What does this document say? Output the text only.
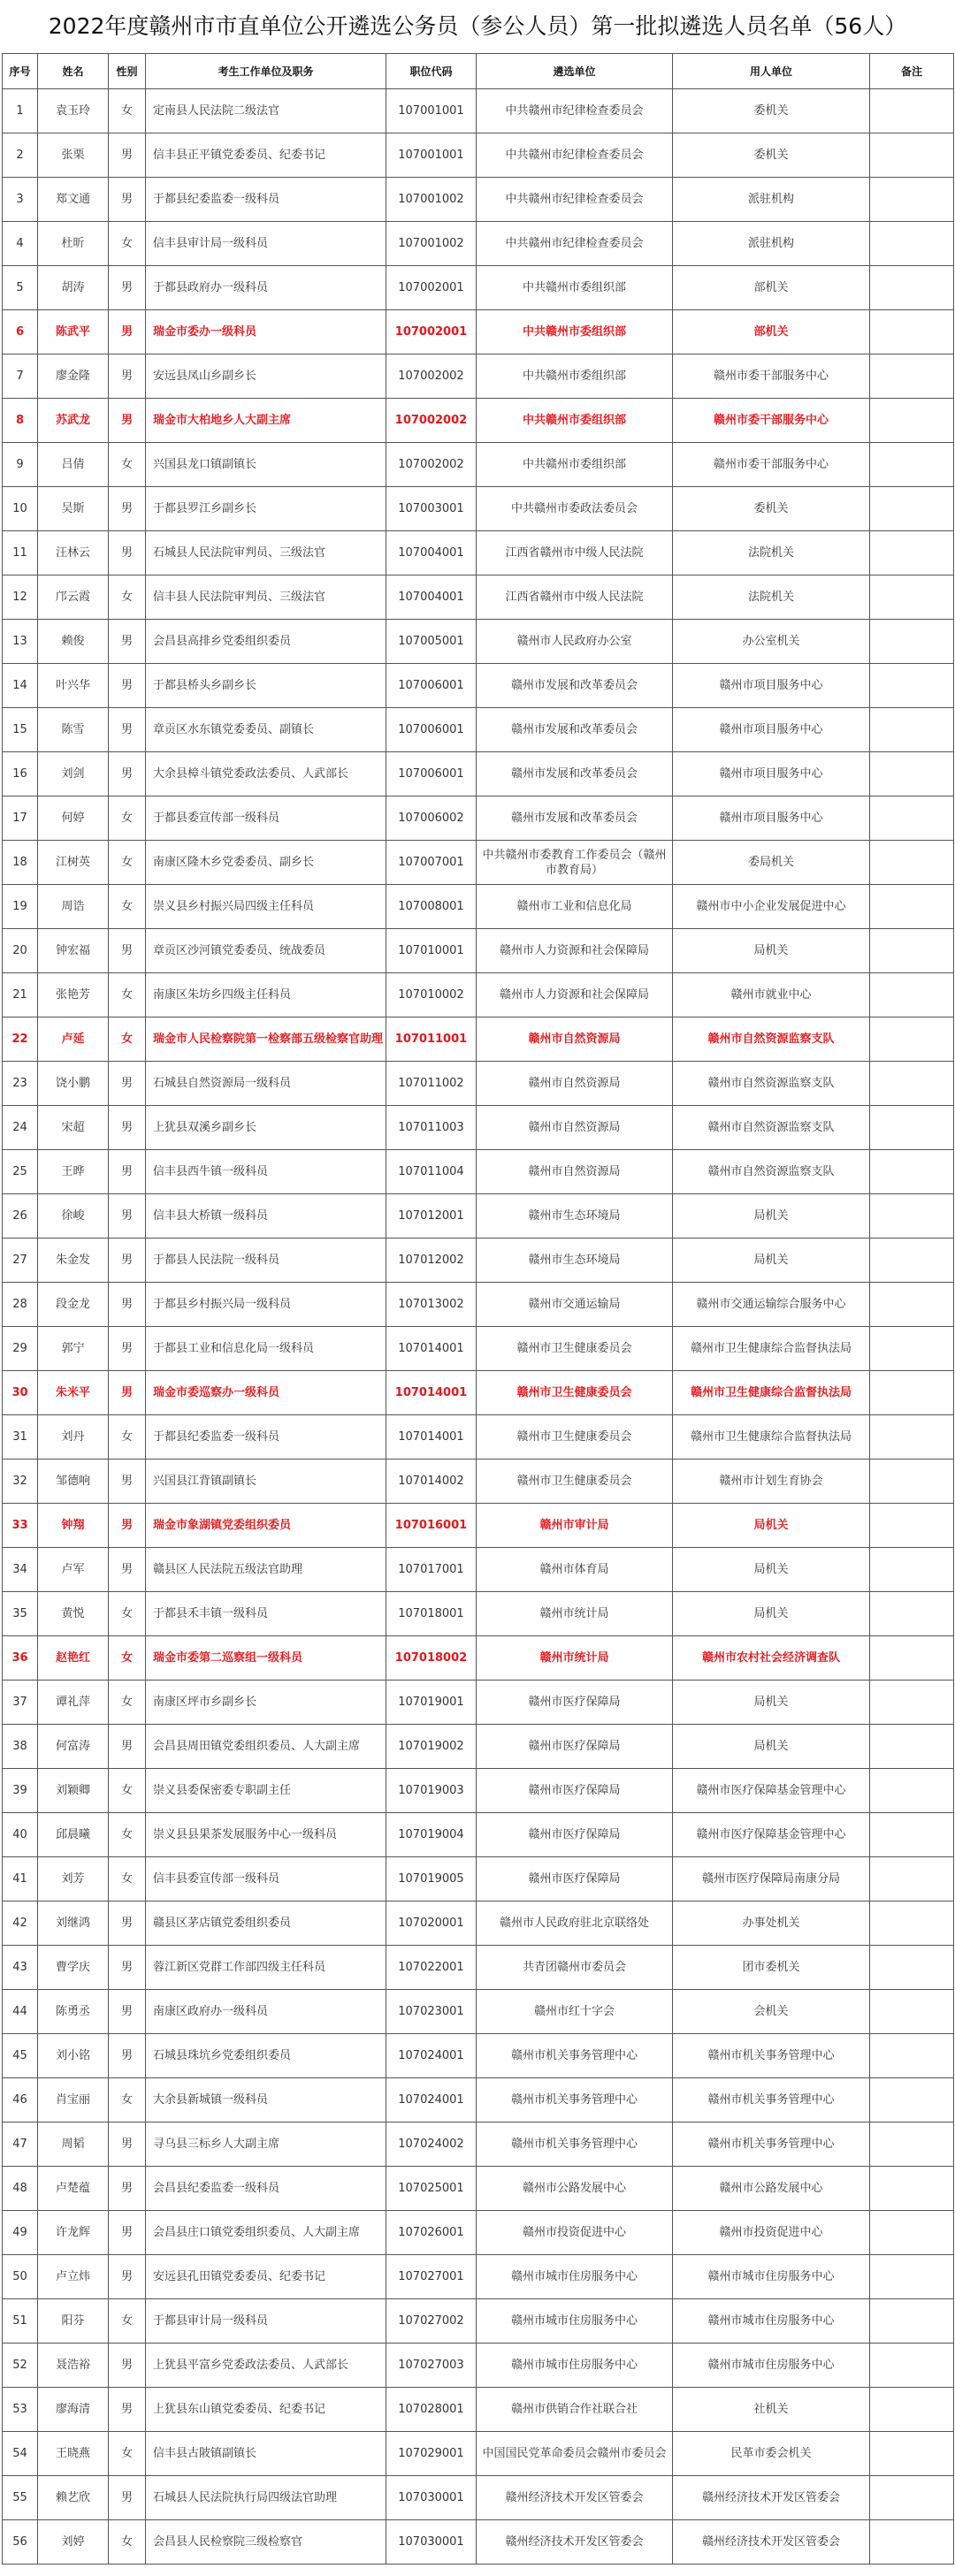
2022年度赣州市市直单位公开遴选公务员（参公人员）第一批拟遴选人员名单（56人）
序号	姓名	性别	考生工作单位及职务	职位代码	遴选单位	用人单位	备注
1	袁玉玲	女	定南县人民法院二级法官	107001001	中共赣州市纪律检查委员会	委机关	
2	张栗	男	信丰县正平镇党委委员、纪委书记	107001001	中共赣州市纪律检查委员会	委机关	
3	郑文通	男	于都县纪委监委一级科员	107001002	中共赣州市纪律检查委员会	派驻机构	
4	杜昕	女	信丰县审计局一级科员	107001002	中共赣州市纪律检查委员会	派驻机构	
5	胡涛	男	于都县政府办一级科员	107002001	中共赣州市委组织部	部机关	
6	陈武平	男	瑞金市委办一级科员	107002001	中共赣州市委组织部	部机关	
7	廖金隆	男	安远县凤山乡副乡长	107002002	中共赣州市委组织部	赣州市委干部服务中心	
8	苏武龙	男	瑞金市大柏地乡人大副主席	107002002	中共赣州市委组织部	赣州市委干部服务中心	
9	吕倩	女	兴国县龙口镇副镇长	107002002	中共赣州市委组织部	赣州市委干部服务中心	
10	吴斯	男	于都县罗江乡副乡长	107003001	中共赣州市委政法委员会	委机关	
11	汪林云	男	石城县人民法院审判员、三级法官	107004001	江西省赣州市中级人民法院	法院机关	
12	邝云霞	女	信丰县人民法院审判员、三级法官	107004001	江西省赣州市中级人民法院	法院机关	
13	赖俊	男	会昌县高排乡党委组织委员	107005001	赣州市人民政府办公室	办公室机关	
14	叶兴华	男	于都县桥头乡副乡长	107006001	赣州市发展和改革委员会	赣州市项目服务中心	
15	陈雪	男	章贡区水东镇党委委员、副镇长	107006001	赣州市发展和改革委员会	赣州市项目服务中心	
16	刘剑	男	大余县樟斗镇党委政法委员、人武部长	107006001	赣州市发展和改革委员会	赣州市项目服务中心	
17	何婷	女	于都县委宣传部一级科员	107006002	赣州市发展和改革委员会	赣州市项目服务中心	
18	江树英	女	南康区隆木乡党委委员、副乡长	107007001	中共赣州市委教育工作委员会（赣州市教育局）	委局机关	
19	周诰	女	崇义县乡村振兴局四级主任科员	107008001	赣州市工业和信息化局	赣州市中小企业发展促进中心	
20	钟宏福	男	章贡区沙河镇党委委员、统战委员	107010001	赣州市人力资源和社会保障局	局机关	
21	张艳芳	女	南康区朱坊乡四级主任科员	107010002	赣州市人力资源和社会保障局	赣州市就业中心	
22	卢延	女	瑞金市人民检察院第一检察部五级检察官助理	107011001	赣州市自然资源局	赣州市自然资源监察支队	
23	饶小鹏	男	石城县自然资源局一级科员	107011002	赣州市自然资源局	赣州市自然资源监察支队	
24	宋超	男	上犹县双溪乡副乡长	107011003	赣州市自然资源局	赣州市自然资源监察支队	
25	王晔	男	信丰县西牛镇一级科员	107011004	赣州市自然资源局	赣州市自然资源监察支队	
26	徐峻	男	信丰县大桥镇一级科员	107012001	赣州市生态环境局	局机关	
27	朱金发	男	于都县人民法院一级科员	107012002	赣州市生态环境局	局机关	
28	段金龙	男	于都县乡村振兴局一级科员	107013002	赣州市交通运输局	赣州市交通运输综合服务中心	
29	郭宁	男	于都县工业和信息化局一级科员	107014001	赣州市卫生健康委员会	赣州市卫生健康综合监督执法局	
30	朱米平	男	瑞金市委巡察办一级科员	107014001	赣州市卫生健康委员会	赣州市卫生健康综合监督执法局	
31	刘丹	女	于都县纪委监委一级科员	107014001	赣州市卫生健康委员会	赣州市卫生健康综合监督执法局	
32	邹德响	男	兴国县江背镇副镇长	107014002	赣州市卫生健康委员会	赣州市计划生育协会	
33	钟翔	男	瑞金市象湖镇党委组织委员	107016001	赣州市审计局	局机关	
34	卢军	男	赣县区人民法院五级法官助理	107017001	赣州市体育局	局机关	
35	黄悦	女	于都县禾丰镇一级科员	107018001	赣州市统计局	局机关	
36	赵艳红	女	瑞金市委第二巡察组一级科员	107018002	赣州市统计局	赣州市农村社会经济调查队	
37	谭礼萍	女	南康区坪市乡副乡长	107019001	赣州市医疗保障局	局机关	
38	何富涛	男	会昌县周田镇党委组织委员、人大副主席	107019002	赣州市医疗保障局	局机关	
39	刘颖卿	女	崇义县委保密委专职副主任	107019003	赣州市医疗保障局	赣州市医疗保障基金管理中心	
40	邱晨曦	女	崇义县县果茶发展服务中心一级科员	107019004	赣州市医疗保障局	赣州市医疗保障基金管理中心	
41	刘芳	女	信丰县委宣传部一级科员	107019005	赣州市医疗保障局	赣州市医疗保障局南康分局	
42	刘继鸿	男	赣县区茅店镇党委组织委员	107020001	赣州市人民政府驻北京联络处	办事处机关	
43	曹学庆	男	蓉江新区党群工作部四级主任科员	107022001	共青团赣州市委员会	团市委机关	
44	陈勇丞	男	南康区政府办一级科员	107023001	赣州市红十字会	会机关	
45	刘小铭	男	石城县珠坑乡党委组织委员	107024001	赣州市机关事务管理中心	赣州市机关事务管理中心	
46	肖宝丽	女	大余县新城镇一级科员	107024001	赣州市机关事务管理中心	赣州市机关事务管理中心	
47	周韬	男	寻乌县三标乡人大副主席	107024002	赣州市机关事务管理中心	赣州市机关事务管理中心	
48	卢楚蕴	男	会昌县纪委监委一级科员	107025001	赣州市公路发展中心	赣州市公路发展中心	
49	许龙辉	男	会昌县庄口镇党委组织委员、人大副主席	107026001	赣州市投资促进中心	赣州市投资促进中心	
50	卢立炜	男	安远县孔田镇党委委员、纪委书记	107027001	赣州市城市住房服务中心	赣州市城市住房服务中心	
51	阳芬	女	于都县审计局一级科员	107027002	赣州市城市住房服务中心	赣州市城市住房服务中心	
52	聂浩裕	男	上犹县平富乡党委政法委员、人武部长	107027003	赣州市城市住房服务中心	赣州市城市住房服务中心	
53	廖海清	男	上犹县东山镇党委委员、纪委书记	107028001	赣州市供销合作社联合社	社机关	
54	王晓燕	女	信丰县古陂镇副镇长	107029001	中国国民党革命委员会赣州市委员会	民革市委会机关	
55	赖艺欣	男	石城县人民法院执行局四级法官助理	107030001	赣州经济技术开发区管委会	赣州经济技术开发区管委会	
56	刘婷	女	会昌县人民检察院三级检察官	107030001	赣州经济技术开发区管委会	赣州经济技术开发区管委会	
